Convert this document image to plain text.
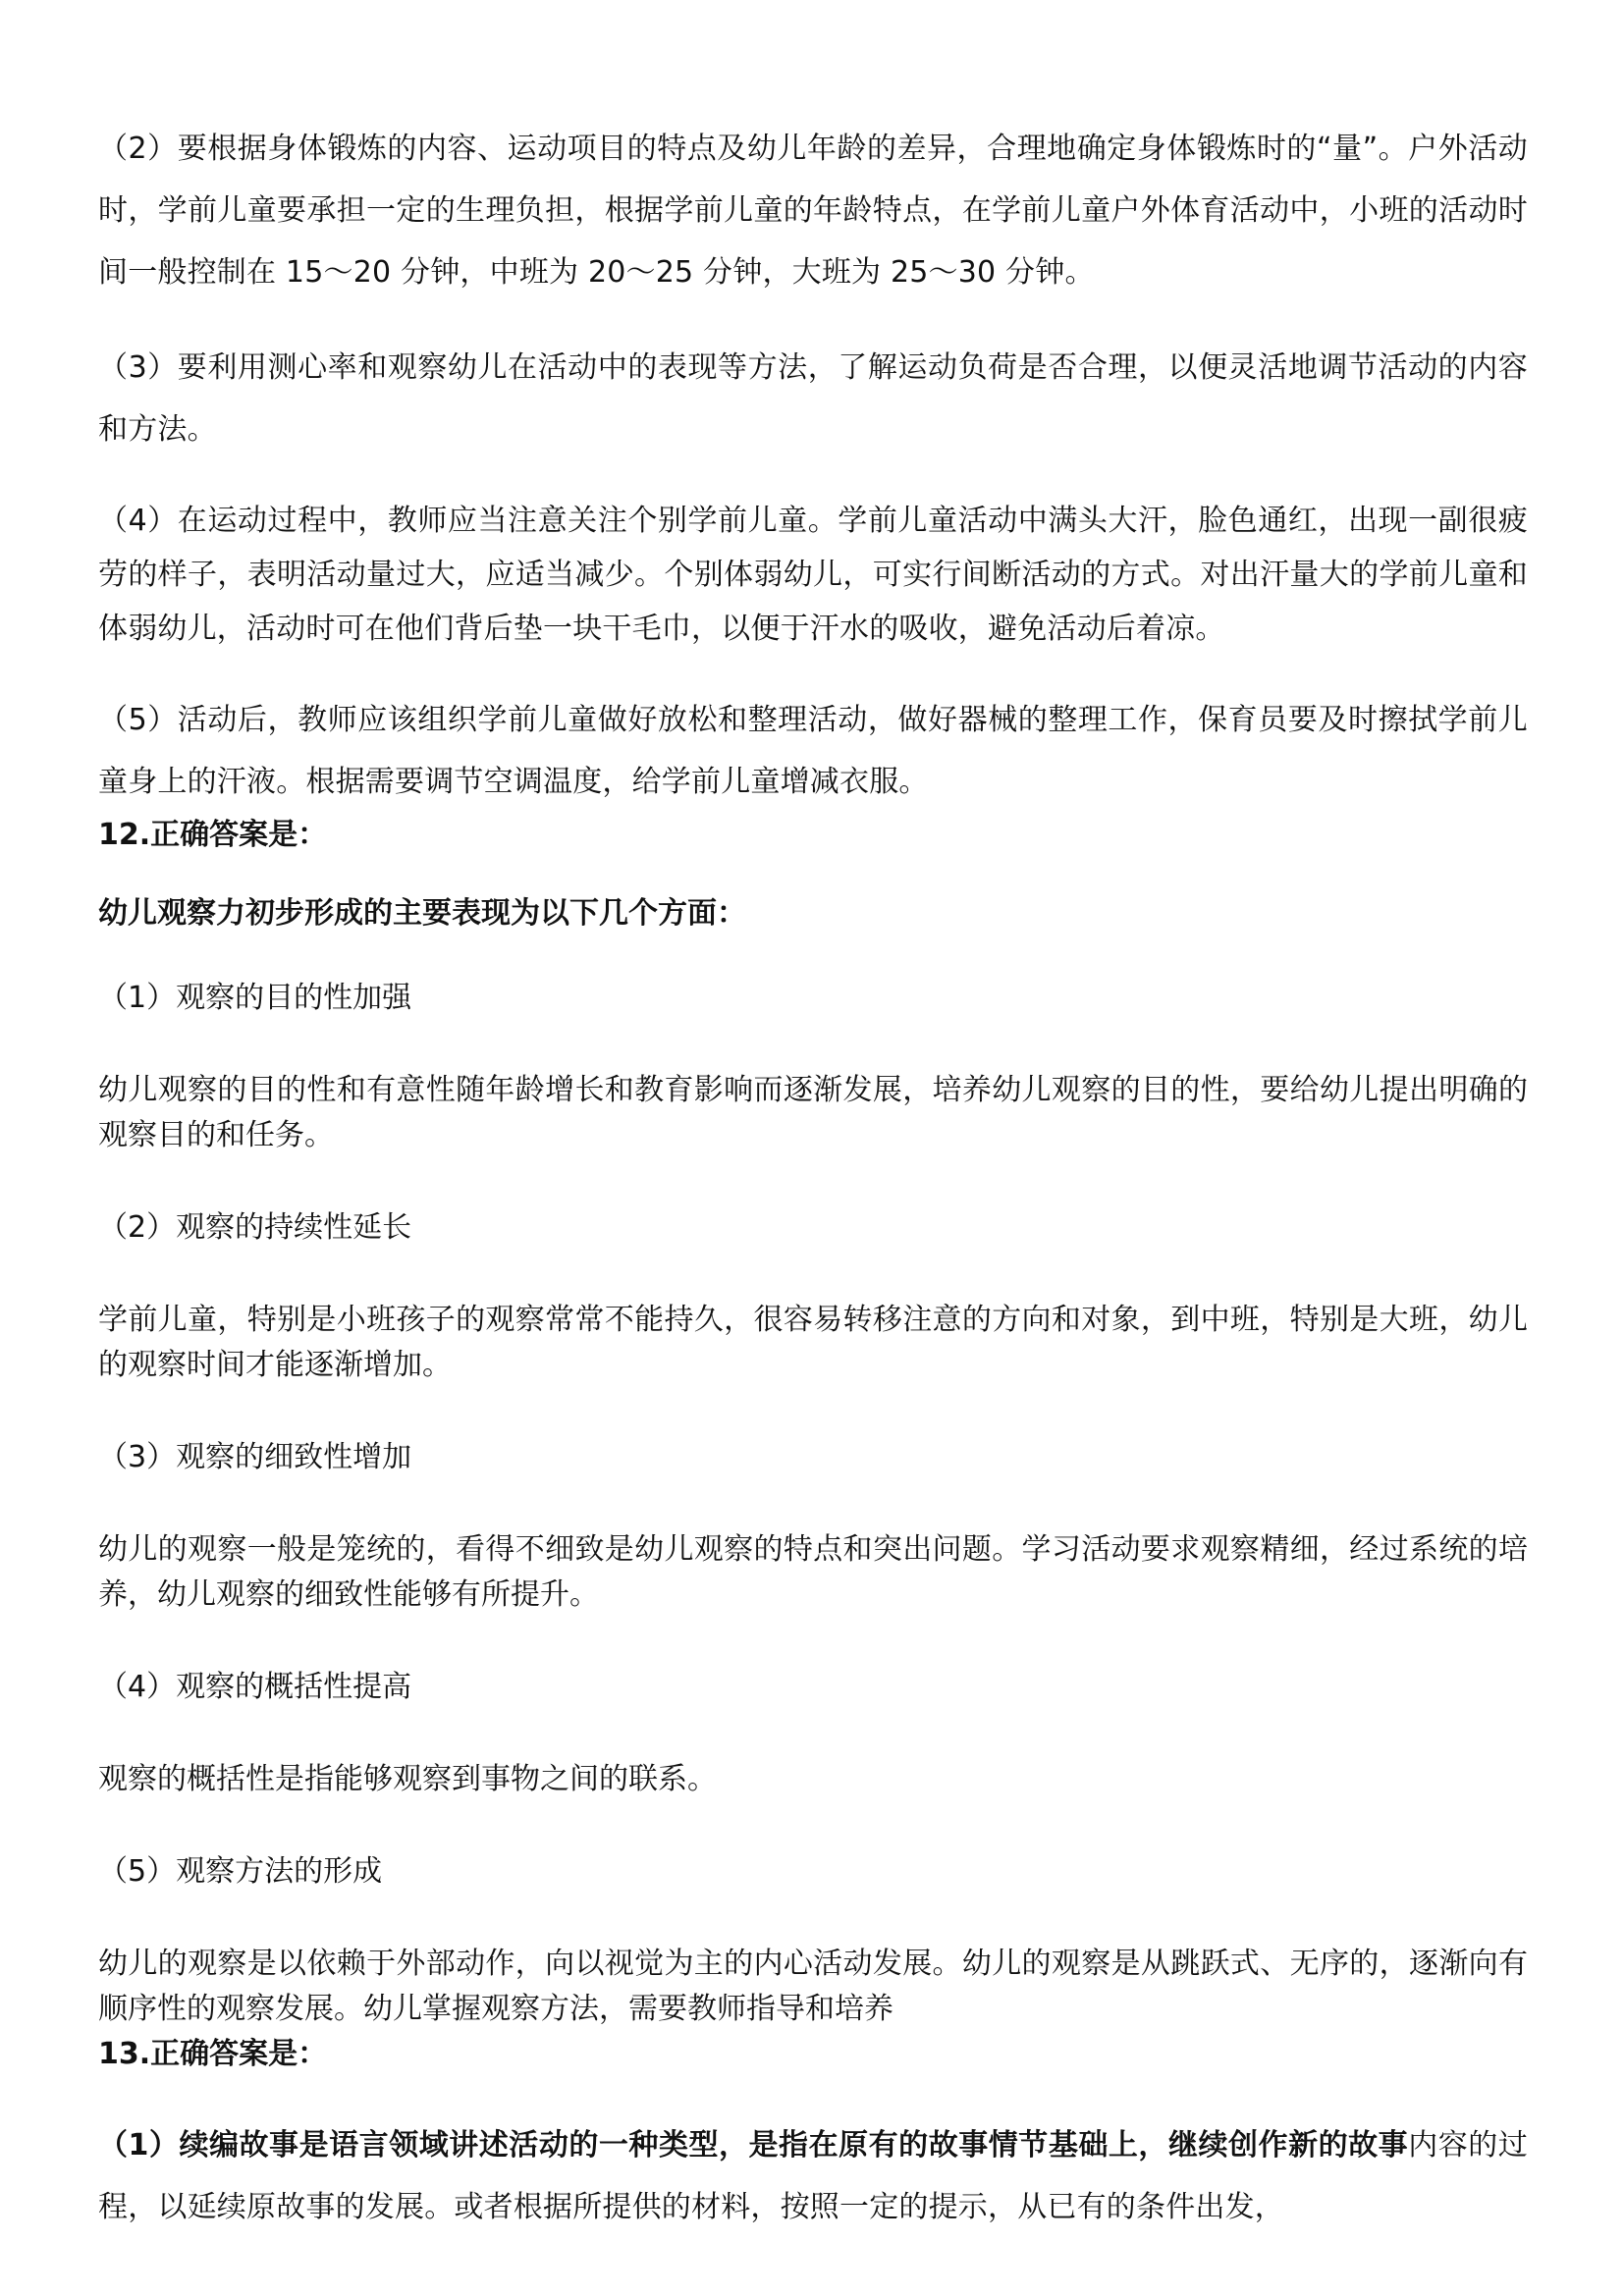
（2）要根据身体锻炼的内容、运动项目的特点及幼儿年龄的差异，合理地确定身体锻炼时的“量”。户外活动时，学前儿童要承担一定的生理负担，根据学前儿童的年龄特点，在学前儿童户外体育活动中，小班的活动时间一般控制在 15～20 分钟，中班为 20～25 分钟，大班为 25～30 分钟。

（3）要利用测心率和观察幼儿在活动中的表现等方法，了解运动负荷是否合理，以便灵活地调节活动的内容和方法。

（4）在运动过程中，教师应当注意关注个别学前儿童。学前儿童活动中满头大汗，脸色通红，出现一副很疲劳的样子，表明活动量过大，应适当减少。个别体弱幼儿，可实行间断活动的方式。对出汗量大的学前儿童和体弱幼儿，活动时可在他们背后垫一块干毛巾，以便于汗水的吸收，避免活动后着凉。

（5）活动后，教师应该组织学前儿童做好放松和整理活动，做好器械的整理工作，保育员要及时擦拭学前儿童身上的汗液。根据需要调节空调温度，给学前儿童增减衣服。

12.正确答案是：

幼儿观察力初步形成的主要表现为以下几个方面：

（1）观察的目的性加强

幼儿观察的目的性和有意性随年龄增长和教育影响而逐渐发展，培养幼儿观察的目的性，要给幼儿提出明确的观察目的和任务。

（2）观察的持续性延长

学前儿童，特别是小班孩子的观察常常不能持久，很容易转移注意的方向和对象，到中班，特别是大班，幼儿的观察时间才能逐渐增加。

（3）观察的细致性增加

幼儿的观察一般是笼统的，看得不细致是幼儿观察的特点和突出问题。学习活动要求观察精细，经过系统的培养，幼儿观察的细致性能够有所提升。

（4）观察的概括性提高

观察的概括性是指能够观察到事物之间的联系。

（5）观察方法的形成

幼儿的观察是以依赖于外部动作，向以视觉为主的内心活动发展。幼儿的观察是从跳跃式、无序的，逐渐向有顺序性的观察发展。幼儿掌握观察方法，需要教师指导和培养

13.正确答案是：

（1）续编故事是语言领域讲述活动的一种类型，是指在原有的故事情节基础上，继续创作新的故事内容的过程，以延续原故事的发展。或者根据所提供的材料，按照一定的提示，从已有的条件出发，
